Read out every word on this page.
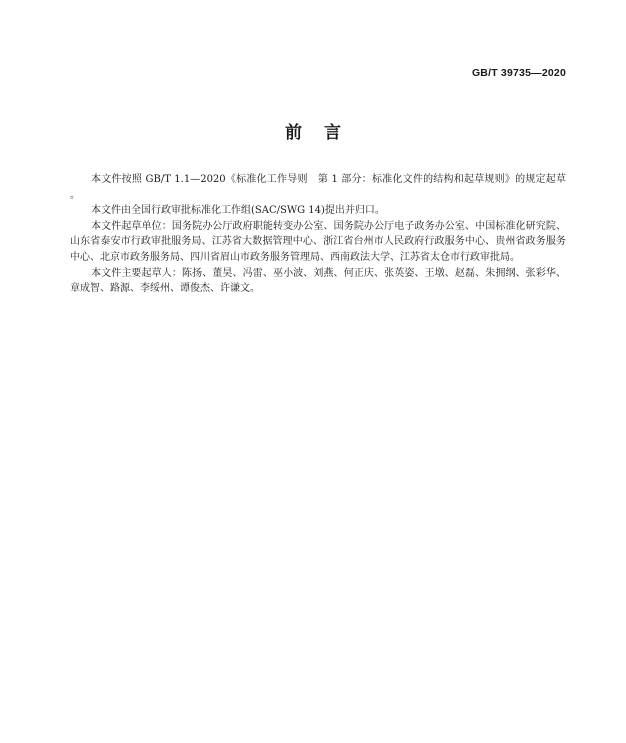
GB/T 39735—2020
前言

本文件按照 GB/T 1.1—2020《标准化工作导则　第 1 部分：标准化文件的结构和起草规则》的规定起草。

本文件由全国行政审批标准化工作组(SAC/SWG 14)提出并归口。

本文件起草单位：国务院办公厅政府职能转变办公室、国务院办公厅电子政务办公室、中国标准化研究院、山东省泰安市行政审批服务局、江苏省大数据管理中心、浙江省台州市人民政府行政服务中心、贵州省政务服务中心、北京市政务服务局、四川省眉山市政务服务管理局、西南政法大学、江苏省太仓市行政审批局。

本文件主要起草人：陈扬、董昊、冯雷、巫小波、刘燕、何正庆、张英姿、王墩、赵磊、朱拥纲、张彩华、章成智、路源、李绥州、谭俊杰、许谦文。
